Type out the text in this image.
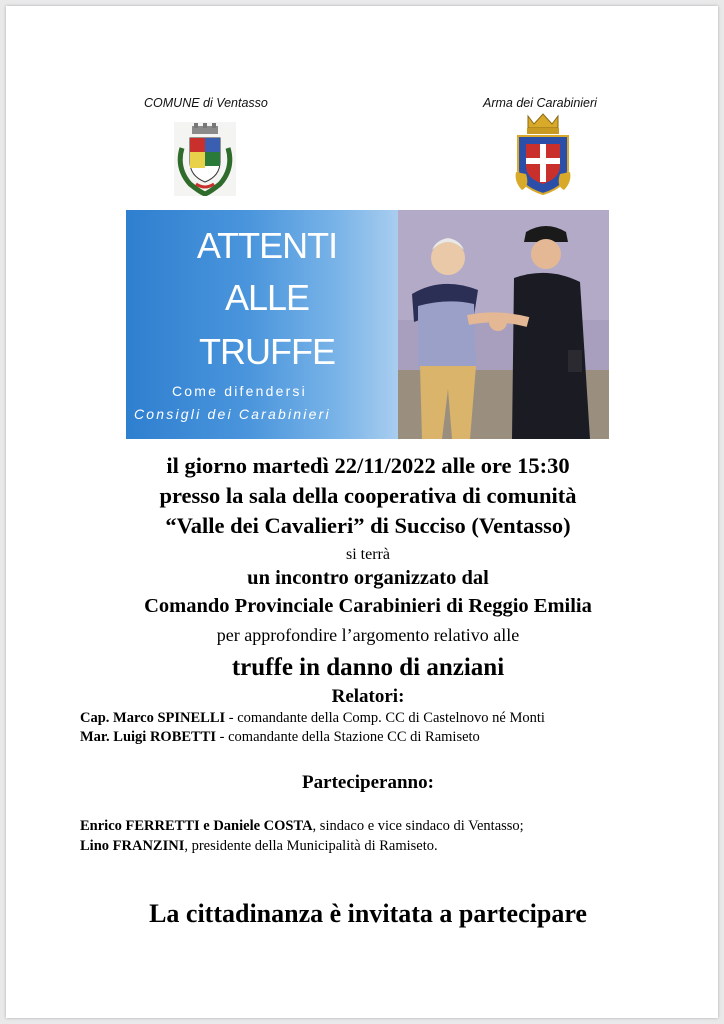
COMUNE di Ventasso	Arma dei Carabinieri
ATTENTI
ALLE
TRUFFE
Come difendersi
Consigli dei Carabinieri
il giorno martedì 22/11/2022 alle ore 15:30
presso la sala della cooperativa di comunità
“Valle dei Cavalieri” di Succiso (Ventasso)
si terrà
un incontro organizzato dal
Comando Provinciale Carabinieri di Reggio Emilia
per approfondire l’argomento relativo alle
truffe in danno di anziani
Relatori:
Cap. Marco SPINELLI - comandante della Comp. CC di Castelnovo né Monti
Mar. Luigi ROBETTI - comandante della Stazione CC di Ramiseto
Parteciperanno:
Enrico FERRETTI e Daniele COSTA, sindaco e vice sindaco di Ventasso;
Lino FRANZINI, presidente della Municipalità di Ramiseto.
La cittadinanza è invitata a partecipare
